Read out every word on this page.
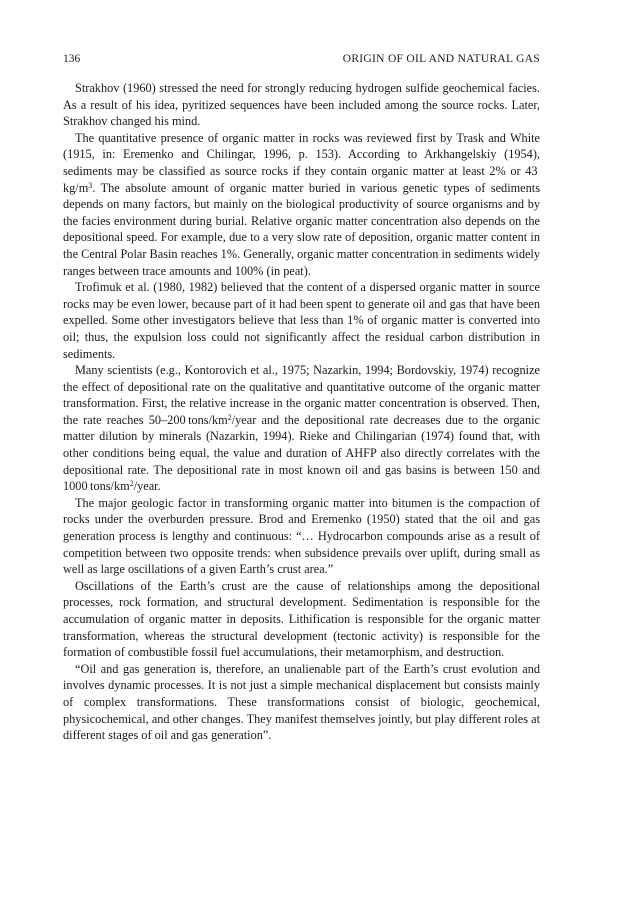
136	ORIGIN OF OIL AND NATURAL GAS

Strakhov (1960) stressed the need for strongly reducing hydrogen sulfide geochemical facies. As a result of his idea, pyritized sequences have been included among the source rocks. Later, Strakhov changed his mind.

The quantitative presence of organic matter in rocks was reviewed first by Trask and White (1915, in: Eremenko and Chilingar, 1996, p. 153). According to Arkhangelskiy (1954), sediments may be classified as source rocks if they contain organic matter at least 2% or 43 $kg/m^3$. The absolute amount of organic matter buried in various genetic types of sediments depends on many factors, but mainly on the biological productivity of source organisms and by the facies environment during burial. Relative organic matter concentration also depends on the depositional speed. For example, due to a very slow rate of deposition, organic matter content in the Central Polar Basin reaches 1%. Generally, organic matter concentration in sediments widely ranges between trace amounts and 100% (in peat).

Trofimuk et al. (1980, 1982) believed that the content of a dispersed organic matter in source rocks may be even lower, because part of it had been spent to generate oil and gas that have been expelled. Some other investigators believe that less than 1% of organic matter is converted into oil; thus, the expulsion loss could not significantly affect the residual carbon distribution in sediments.

Many scientists (e.g., Kontorovich et al., 1975; Nazarkin, 1994; Bordovskiy, 1974) recognize the effect of depositional rate on the qualitative and quantitative outcome of the organic matter transformation. First, the relative increase in the organic matter concentration is observed. Then, the rate reaches 50–200 tons/$km^2$/year and the depositional rate decreases due to the organic matter dilution by minerals (Nazarkin, 1994). Rieke and Chilingarian (1974) found that, with other conditions being equal, the value and duration of AHFP also directly correlates with the depositional rate. The depositional rate in most known oil and gas basins is between 150 and 1000 tons/$km^2$/year.

The major geologic factor in transforming organic matter into bitumen is the compaction of rocks under the overburden pressure. Brod and Eremenko (1950) stated that the oil and gas generation process is lengthy and continuous: “… Hydrocarbon compounds arise as a result of competition between two opposite trends: when subsidence prevails over uplift, during small as well as large oscillations of a given Earth’s crust area.”

Oscillations of the Earth’s crust are the cause of relationships among the depositional processes, rock formation, and structural development. Sedimentation is responsible for the accumulation of organic matter in deposits. Lithification is responsible for the organic matter transformation, whereas the structural development (tectonic activity) is responsible for the formation of combustible fossil fuel accumulations, their metamorphism, and destruction.

“Oil and gas generation is, therefore, an unalienable part of the Earth’s crust evolution and involves dynamic processes. It is not just a simple mechanical displacement but consists mainly of complex transformations. These transformations consist of biologic, geochemical, physicochemical, and other changes. They manifest themselves jointly, but play different roles at different stages of oil and gas generation”.
